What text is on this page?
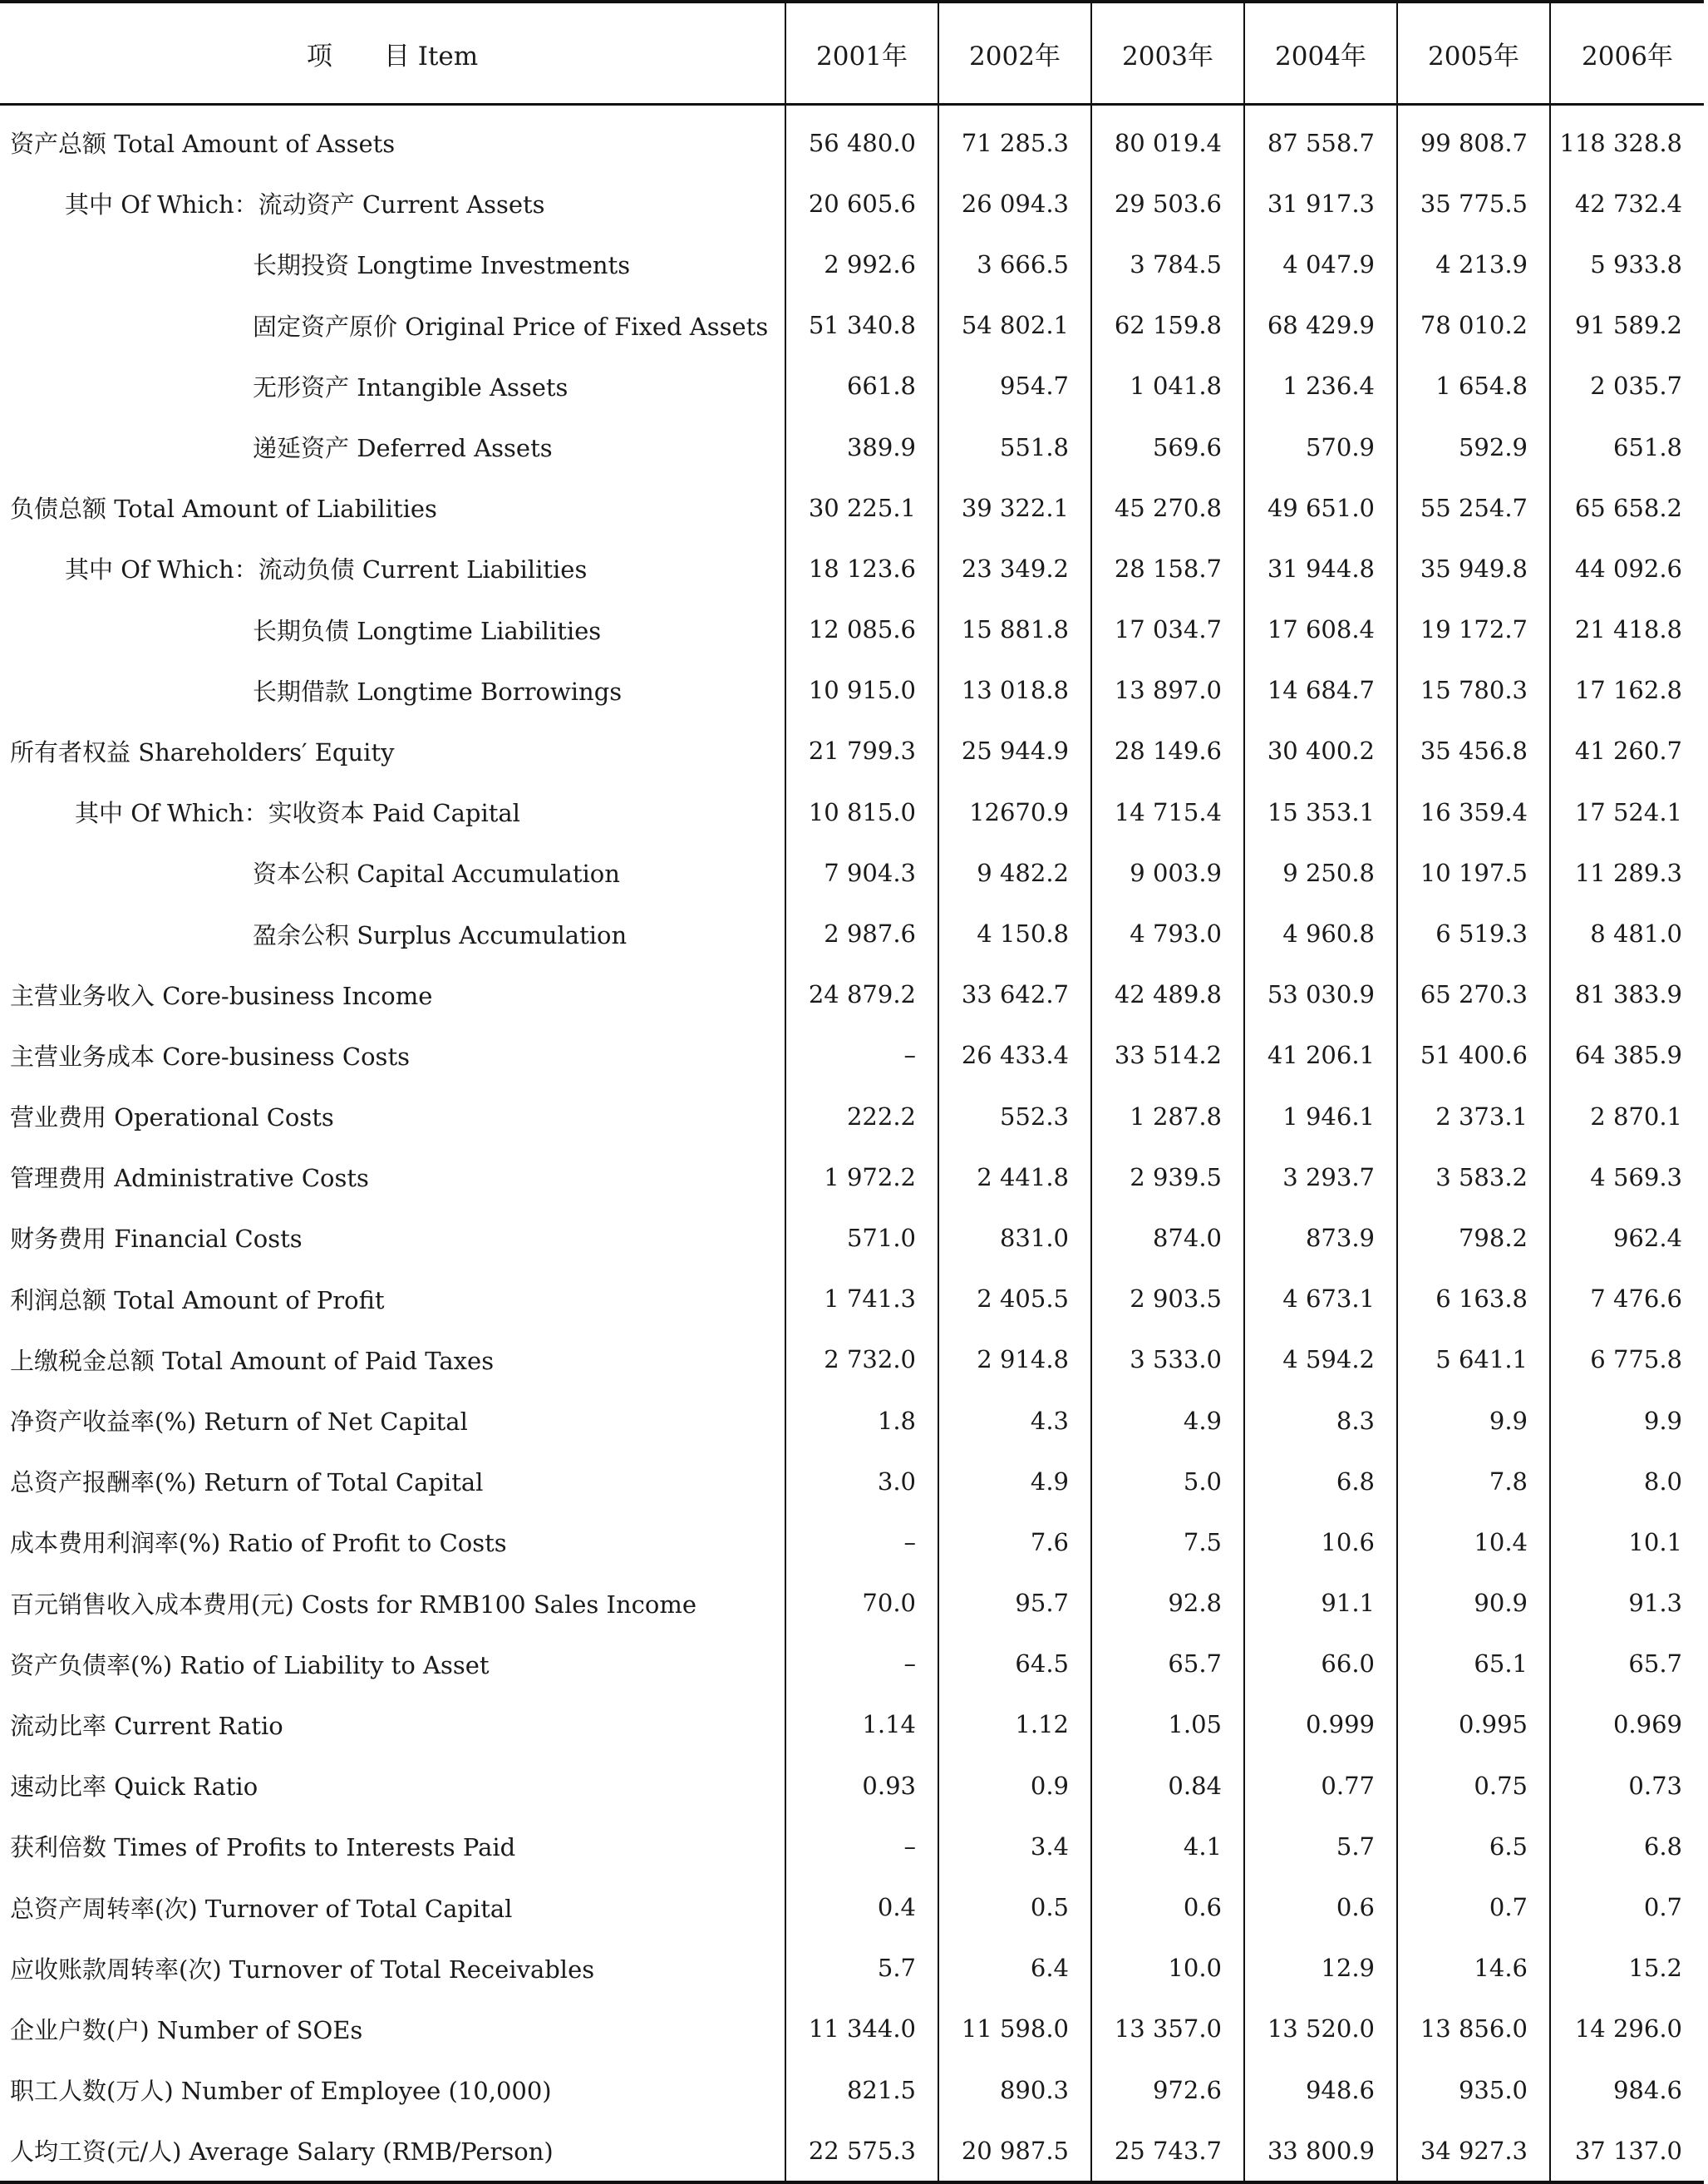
项　　目 Item	2001年	2002年	2003年	2004年	2005年	2006年
资产总额 Total Amount of Assets	56 480.0	71 285.3	80 019.4	87 558.7	99 808.7	118 328.8
其中 Of Which：流动资产 Current Assets	20 605.6	26 094.3	29 503.6	31 917.3	35 775.5	42 732.4
长期投资 Longtime Investments	2 992.6	3 666.5	3 784.5	4 047.9	4 213.9	5 933.8
固定资产原价 Original Price of Fixed Assets	51 340.8	54 802.1	62 159.8	68 429.9	78 010.2	91 589.2
无形资产 Intangible Assets	661.8	954.7	1 041.8	1 236.4	1 654.8	2 035.7
递延资产 Deferred Assets	389.9	551.8	569.6	570.9	592.9	651.8
负债总额 Total Amount of Liabilities	30 225.1	39 322.1	45 270.8	49 651.0	55 254.7	65 658.2
其中 Of Which：流动负债 Current Liabilities	18 123.6	23 349.2	28 158.7	31 944.8	35 949.8	44 092.6
长期负债 Longtime Liabilities	12 085.6	15 881.8	17 034.7	17 608.4	19 172.7	21 418.8
长期借款 Longtime Borrowings	10 915.0	13 018.8	13 897.0	14 684.7	15 780.3	17 162.8
所有者权益 Shareholders′ Equity	21 799.3	25 944.9	28 149.6	30 400.2	35 456.8	41 260.7
其中 Of Which：实收资本 Paid Capital	10 815.0	12670.9	14 715.4	15 353.1	16 359.4	17 524.1
资本公积 Capital Accumulation	7 904.3	9 482.2	9 003.9	9 250.8	10 197.5	11 289.3
盈余公积 Surplus Accumulation	2 987.6	4 150.8	4 793.0	4 960.8	6 519.3	8 481.0
主营业务收入 Core-business Income	24 879.2	33 642.7	42 489.8	53 030.9	65 270.3	81 383.9
主营业务成本 Core-business Costs	–	26 433.4	33 514.2	41 206.1	51 400.6	64 385.9
营业费用 Operational Costs	222.2	552.3	1 287.8	1 946.1	2 373.1	2 870.1
管理费用 Administrative Costs	1 972.2	2 441.8	2 939.5	3 293.7	3 583.2	4 569.3
财务费用 Financial Costs	571.0	831.0	874.0	873.9	798.2	962.4
利润总额 Total Amount of Profit	1 741.3	2 405.5	2 903.5	4 673.1	6 163.8	7 476.6
上缴税金总额 Total Amount of Paid Taxes	2 732.0	2 914.8	3 533.0	4 594.2	5 641.1	6 775.8
净资产收益率(%) Return of Net Capital	1.8	4.3	4.9	8.3	9.9	9.9
总资产报酬率(%) Return of Total Capital	3.0	4.9	5.0	6.8	7.8	8.0
成本费用利润率(%) Ratio of Profit to Costs	–	7.6	7.5	10.6	10.4	10.1
百元销售收入成本费用(元) Costs for RMB100 Sales Income	70.0	95.7	92.8	91.1	90.9	91.3
资产负债率(%) Ratio of Liability to Asset	–	64.5	65.7	66.0	65.1	65.7
流动比率 Current Ratio	1.14	1.12	1.05	0.999	0.995	0.969
速动比率 Quick Ratio	0.93	0.9	0.84	0.77	0.75	0.73
获利倍数 Times of Profits to Interests Paid	–	3.4	4.1	5.7	6.5	6.8
总资产周转率(次) Turnover of Total Capital	0.4	0.5	0.6	0.6	0.7	0.7
应收账款周转率(次) Turnover of Total Receivables	5.7	6.4	10.0	12.9	14.6	15.2
企业户数(户) Number of SOEs	11 344.0	11 598.0	13 357.0	13 520.0	13 856.0	14 296.0
职工人数(万人) Number of Employee (10,000)	821.5	890.3	972.6	948.6	935.0	984.6
人均工资(元/人) Average Salary (RMB/Person)	22 575.3	20 987.5	25 743.7	33 800.9	34 927.3	37 137.0
